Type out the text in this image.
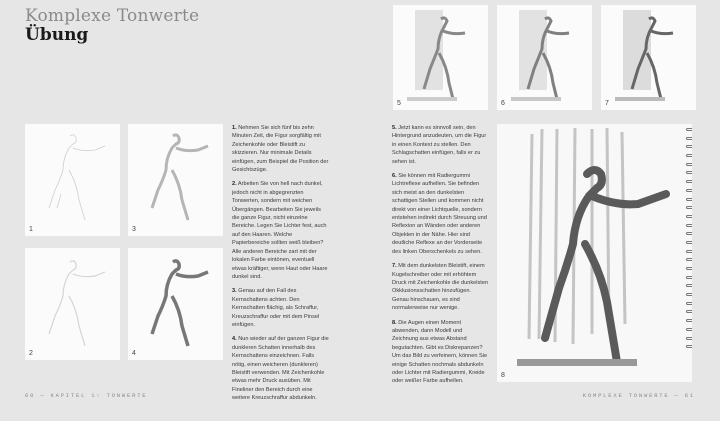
Komplexe Tonwerte
Übung
1
2
3
4

1. Nehmen Sie sich fünf bis zehn Minuten Zeit, die Figur sorgfältig mit Zeichenkohle oder Bleistift zu skizzieren. Nur minimale Details einfügen, zum Beispiel die Position der Gesichtszüge.

2. Arbeiten Sie von hell nach dunkel, jedoch nicht in abgegrenzten Tonwerten, sondern mit weichen Übergängen. Bearbeiten Sie jeweils die ganze Figur, nicht einzelne Bereiche. Legen Sie Lichter fest, auch auf den Haaren. Welche Papierbereiche sollten weiß bleiben? Alle anderen Bereiche zart mit der lokalen Farbe eintönen, eventuell etwas kräftiger, wenn Haut oder Haare dunkel sind.

3. Genau auf den Fall des Kernschattens achten. Den Kernschatten flächig, als Schraffur, Kreuzschraffur oder mit dem Pinsel einfügen.

4. Nun wieder auf der ganzen Figur die dunkleren Schatten innerhalb des Kernschattens einzeichnen. Falls nötig, einen weicheren (dunkleren) Bleistift verwenden. Mit Zeichenkohle etwas mehr Druck ausüben. Mit Fineliner den Bereich durch eine weitere Kreuzschraffur abdunkeln.

5. Jetzt kann es sinnvoll sein, den Hintergrund anzudeuten, um die Figur in einen Kontext zu stellen. Den Schlagschatten einfügen, falls er zu sehen ist.

6. Sie können mit Radiergummi Lichtreflexe aufhellen. Sie befinden sich meist an den dunkelsten schattigen Stellen und kommen nicht direkt von einer Lichtquelle, sondern entstehen indirekt durch Streuung und Reflexion an Wänden oder anderen Objekten in der Nähe. Hier sind deutliche Reflexe an der Vorderseite des linken Oberschenkels zu sehen.

7. Mit dem dunkelsten Bleistift, einem Kugelschreiber oder mit erhöhtem Druck mit Zeichenkohle die dunkelsten Okklusionsschatten hinzufügen. Genau hinschauen, es sind normalerweise nur wenige.

8. Die Augen einen Moment abwenden, dann Modell und Zeichnung aus etwas Abstand begutachten. Gibt es Diskrepanzen? Um das Bild zu verfeinern, können Sie einige Schatten nochmals abdunkeln oder Lichter mit Radiergummi, Kreide oder weißer Farbe aufhellen.

5	6	7
8
60 — KAPITEL 1: TONWERTE	KOMPLEXE TONWERTE — 61
